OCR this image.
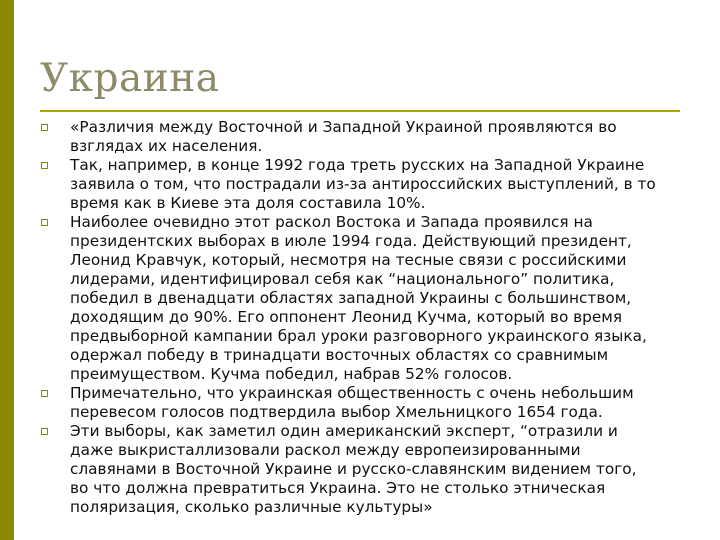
Украина
«Различия между Восточной и Западной Украиной проявляются во
взглядах их населения.
Так, например, в конце 1992 года треть русских на Западной Украине
заявила о том, что пострадали из-за антироссийских выступлений, в то
время как в Киеве эта доля составила 10%.
Наиболее очевидно этот раскол Востока и Запада проявился на
президентских выборах в июле 1994 года. Действующий президент,
Леонид Кравчук, который, несмотря на тесные связи с российскими
лидерами, идентифицировал себя как “национального” политика,
победил в двенадцати областях западной Украины с большинством,
доходящим до 90%. Его оппонент Леонид Кучма, который во время
предвыборной кампании брал уроки разговорного украинского языка,
одержал победу в тринадцати восточных областях со сравнимым
преимуществом. Кучма победил, набрав 52% голосов.
Примечательно, что украинская общественность с очень небольшим
перевесом голосов подтвердила выбор Хмельницкого 1654 года.
Эти выборы, как заметил один американский эксперт, “отразили и
даже выкристаллизовали раскол между европеизированными
славянами в Восточной Украине и русско-славянским видением того,
во что должна превратиться Украина. Это не столько этническая
поляризация, сколько различные культуры»
